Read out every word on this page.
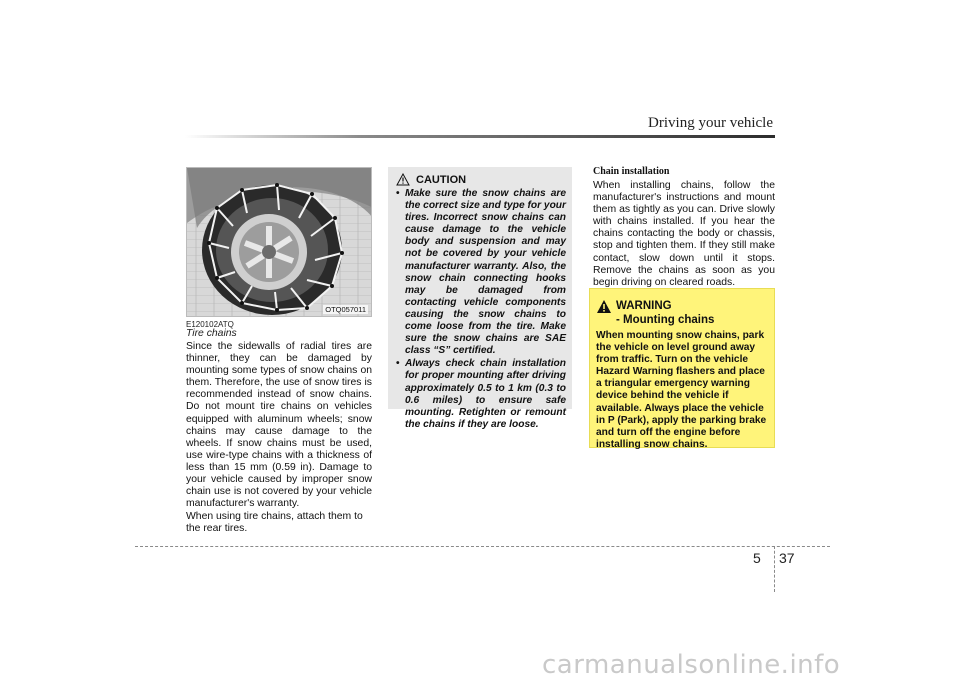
Driving your vehicle
OTQ057011
E120102ATQ
Tire chains

Since the sidewalls of radial tires are thinner, they can be damaged by mounting some types of snow chains on them. Therefore, the use of snow tires is recommended instead of snow chains. Do not mount tire chains on vehicles equipped with aluminum wheels; snow chains may cause damage to the wheels. If snow chains must be used, use wire-type chains with a thickness of less than 15 mm (0.59 in). Damage to your vehicle caused by improper snow chain use is not covered by your vehicle manufacturer's warranty.

When using tire chains, attach them to the rear tires.

CAUTION
• Make sure the snow chains are the correct size and type for your tires. Incorrect snow chains can cause damage to the vehicle body and suspension and may not be covered by your vehicle manufacturer warranty. Also, the snow chain connecting hooks may be damaged from contacting vehicle components causing the snow chains to come loose from the tire. Make sure the snow chains are SAE class “S” certified.
• Always check chain installation for proper mounting after driving approximately 0.5 to 1 km (0.3 to 0.6 miles) to ensure safe mounting. Retighten or remount the chains if they are loose.
Chain installation
When installing chains, follow the manufacturer's instructions and mount them as tightly as you can. Drive slowly with chains installed. If you hear the chains contacting the body or chassis, stop and tighten them. If they still make contact, slow down until it stops. Remove the chains as soon as you begin driving on cleared roads.
WARNING
- Mounting chains
When mounting snow chains, park the vehicle on level ground away from traffic. Turn on the vehicle Hazard Warning flashers and place a triangular emergency warning device behind the vehicle if available. Always place the vehicle in P (Park), apply the parking brake and turn off the engine before installing snow chains.
5 37
carmanualsonline.info
